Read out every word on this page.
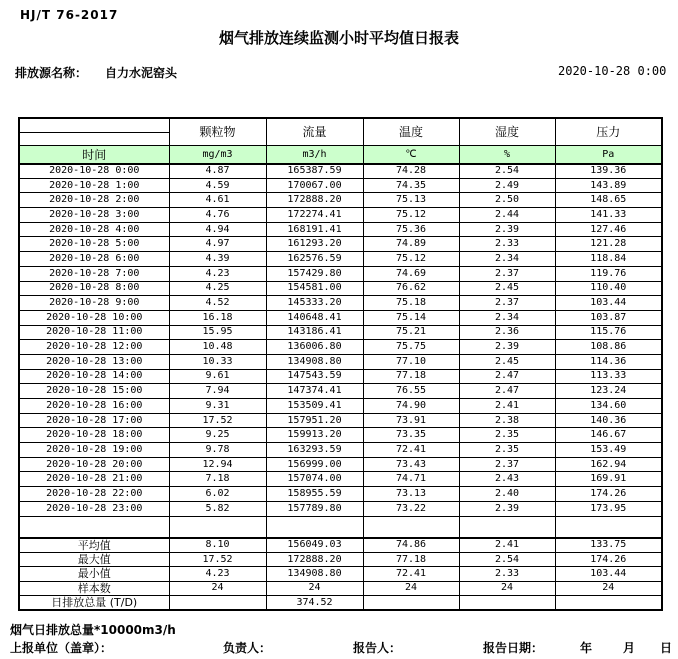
HJ/T 76-2017
烟气排放连续监测小时平均值日报表
排放源名称： 自力水泥窑头	2020-10-28 0:00
	颗粒物	流量	温度	湿度	压力

时间	mg/m3	m3/h	℃	%	Pa
2020-10-28 0:00	4.87	165387.59	74.28	2.54	139.36
2020-10-28 1:00	4.59	170067.00	74.35	2.49	143.89
2020-10-28 2:00	4.61	172888.20	75.13	2.50	148.65
2020-10-28 3:00	4.76	172274.41	75.12	2.44	141.33
2020-10-28 4:00	4.94	168191.41	75.36	2.39	127.46
2020-10-28 5:00	4.97	161293.20	74.89	2.33	121.28
2020-10-28 6:00	4.39	162576.59	75.12	2.34	118.84
2020-10-28 7:00	4.23	157429.80	74.69	2.37	119.76
2020-10-28 8:00	4.25	154581.00	76.62	2.45	110.40
2020-10-28 9:00	4.52	145333.20	75.18	2.37	103.44
2020-10-28 10:00	16.18	140648.41	75.14	2.34	103.87
2020-10-28 11:00	15.95	143186.41	75.21	2.36	115.76
2020-10-28 12:00	10.48	136006.80	75.75	2.39	108.86
2020-10-28 13:00	10.33	134908.80	77.10	2.45	114.36
2020-10-28 14:00	9.61	147543.59	77.18	2.47	113.33
2020-10-28 15:00	7.94	147374.41	76.55	2.47	123.24
2020-10-28 16:00	9.31	153509.41	74.90	2.41	134.60
2020-10-28 17:00	17.52	157951.20	73.91	2.38	140.36
2020-10-28 18:00	9.25	159913.20	73.35	2.35	146.67
2020-10-28 19:00	9.78	163293.59	72.41	2.35	153.49
2020-10-28 20:00	12.94	156999.00	73.43	2.37	162.94
2020-10-28 21:00	7.18	157074.00	74.71	2.43	169.91
2020-10-28 22:00	6.02	158955.59	73.13	2.40	174.26
2020-10-28 23:00	5.82	157789.80	73.22	2.39	173.95

平均值	8.10	156049.03	74.86	2.41	133.75
最大值	17.52	172888.20	77.18	2.54	174.26
最小值	4.23	134908.80	72.41	2.33	103.44
样本数	24	24	24	24	24
日排放总量 (T/D)		374.52			
烟气日排放总量*10000m3/h
上报单位（盖章）：	负责人：	报告人：	报告日期：	年	月 日
